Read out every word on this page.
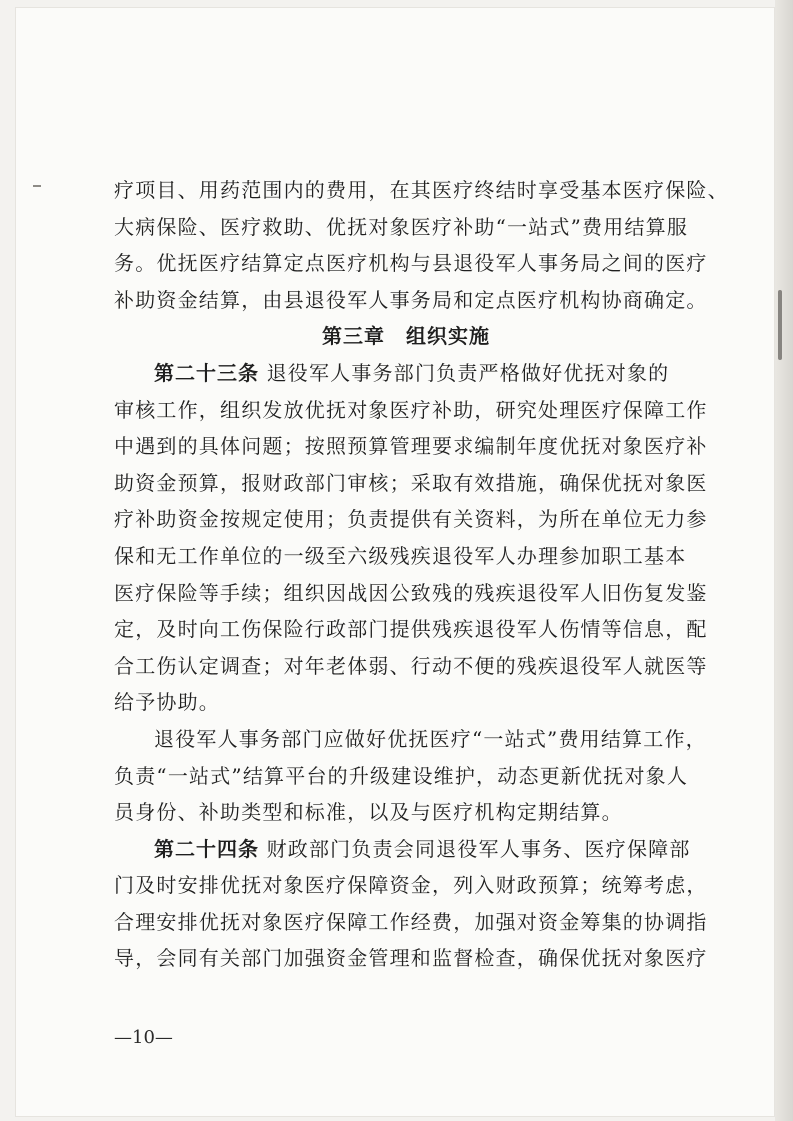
疗项目、用药范围内的费用，在其医疗终结时享受基本医疗保险、
大病保险、医疗救助、优抚对象医疗补助“一站式”费用结算服
务。优抚医疗结算定点医疗机构与县退役军人事务局之间的医疗
补助资金结算，由县退役军人事务局和定点医疗机构协商确定。
第三章　组织实施
第二十三条 退役军人事务部门负责严格做好优抚对象的
审核工作，组织发放优抚对象医疗补助，研究处理医疗保障工作
中遇到的具体问题；按照预算管理要求编制年度优抚对象医疗补
助资金预算，报财政部门审核；采取有效措施，确保优抚对象医
疗补助资金按规定使用；负责提供有关资料，为所在单位无力参
保和无工作单位的一级至六级残疾退役军人办理参加职工基本
医疗保险等手续；组织因战因公致残的残疾退役军人旧伤复发鉴
定，及时向工伤保险行政部门提供残疾退役军人伤情等信息，配
合工伤认定调查；对年老体弱、行动不便的残疾退役军人就医等
给予协助。
退役军人事务部门应做好优抚医疗“一站式”费用结算工作，
负责“一站式”结算平台的升级建设维护，动态更新优抚对象人
员身份、补助类型和标准，以及与医疗机构定期结算。
第二十四条 财政部门负责会同退役军人事务、医疗保障部
门及时安排优抚对象医疗保障资金，列入财政预算；统筹考虑，
合理安排优抚对象医疗保障工作经费，加强对资金筹集的协调指
导，会同有关部门加强资金管理和监督检查，确保优抚对象医疗
—10—
